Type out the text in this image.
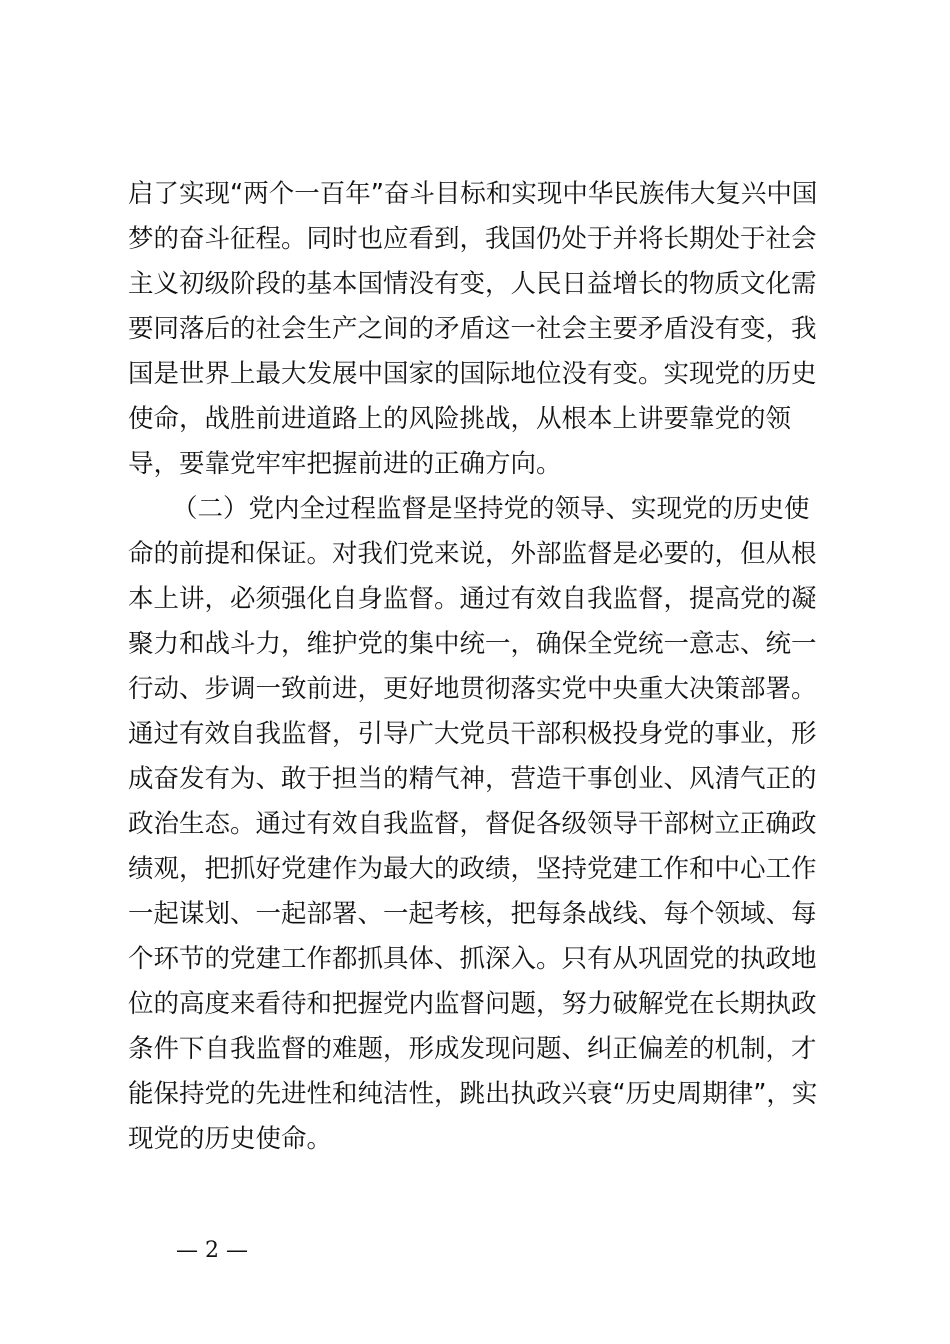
启了实现“两个一百年”奋斗目标和实现中华民族伟大复兴中国
梦的奋斗征程。同时也应看到，我国仍处于并将长期处于社会
主义初级阶段的基本国情没有变，人民日益增长的物质文化需
要同落后的社会生产之间的矛盾这一社会主要矛盾没有变，我
国是世界上最大发展中国家的国际地位没有变。实现党的历史
使命，战胜前进道路上的风险挑战，从根本上讲要靠党的领
导，要靠党牢牢把握前进的正确方向。
（二）党内全过程监督是坚持党的领导、实现党的历史使
命的前提和保证。对我们党来说，外部监督是必要的，但从根
本上讲，必须强化自身监督。通过有效自我监督，提高党的凝
聚力和战斗力，维护党的集中统一，确保全党统一意志、统一
行动、步调一致前进，更好地贯彻落实党中央重大决策部署。
通过有效自我监督，引导广大党员干部积极投身党的事业，形
成奋发有为、敢于担当的精气神，营造干事创业、风清气正的
政治生态。通过有效自我监督，督促各级领导干部树立正确政
绩观，把抓好党建作为最大的政绩，坚持党建工作和中心工作
一起谋划、一起部署、一起考核，把每条战线、每个领域、每
个环节的党建工作都抓具体、抓深入。只有从巩固党的执政地
位的高度来看待和把握党内监督问题，努力破解党在长期执政
条件下自我监督的难题，形成发现问题、纠正偏差的机制，才
能保持党的先进性和纯洁性，跳出执政兴衰“历史周期律”，实
现党的历史使命。
— 2 —
